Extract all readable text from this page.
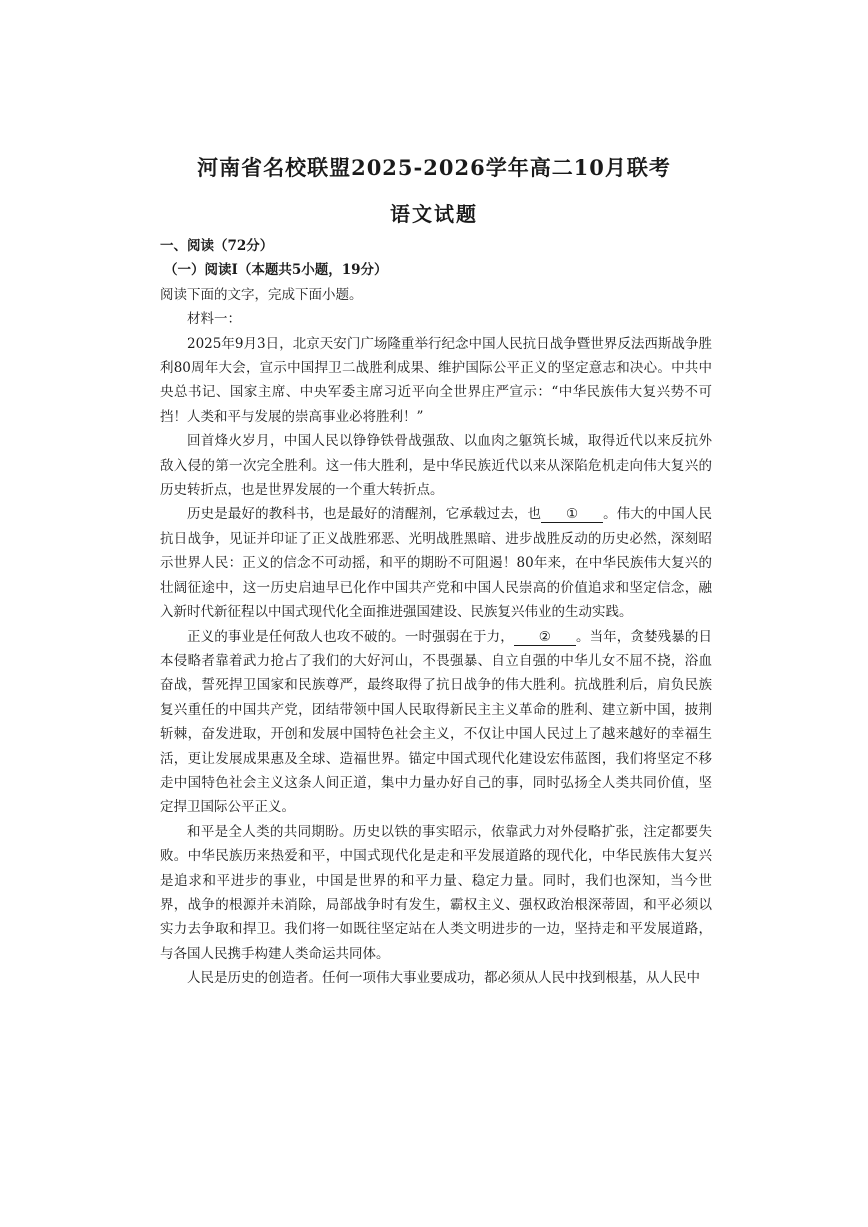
河南省名校联盟2025-2026学年高二10月联考
语文试题
一、阅读（72分）
（一）阅读Ⅰ（本题共5小题，19分）
阅读下面的文字，完成下面小题。
材料一：

2025年9月3日，北京天安门广场隆重举行纪念中国人民抗日战争暨世界反法西斯战争胜利80周年大会，宣示中国捍卫二战胜利成果、维护国际公平正义的坚定意志和决心。中共中央总书记、国家主席、中央军委主席习近平向全世界庄严宣示：“中华民族伟大复兴势不可挡！人类和平与发展的崇高事业必将胜利！”

回首烽火岁月，中国人民以铮铮铁骨战强敌、以血肉之躯筑长城，取得近代以来反抗外敌入侵的第一次完全胜利。这一伟大胜利，是中华民族近代以来从深陷危机走向伟大复兴的历史转折点，也是世界发展的一个重大转折点。

历史是最好的教科书，也是最好的清醒剂，它承载过去，也 ① 。伟大的中国人民抗日战争，见证并印证了正义战胜邪恶、光明战胜黑暗、进步战胜反动的历史必然，深刻昭示世界人民：正义的信念不可动摇，和平的期盼不可阻遏！80年来，在中华民族伟大复兴的壮阔征途中，这一历史启迪早已化作中国共产党和中国人民崇高的价值追求和坚定信念，融入新时代新征程以中国式现代化全面推进强国建设、民族复兴伟业的生动实践。

正义的事业是任何敌人也攻不破的。一时强弱在于力， ② 。当年，贪婪残暴的日本侵略者靠着武力抢占了我们的大好河山，不畏强暴、自立自强的中华儿女不屈不挠，浴血奋战，誓死捍卫国家和民族尊严，最终取得了抗日战争的伟大胜利。抗战胜利后，肩负民族复兴重任的中国共产党，团结带领中国人民取得新民主主义革命的胜利、建立新中国，披荆斩棘，奋发进取，开创和发展中国特色社会主义，不仅让中国人民过上了越来越好的幸福生活，更让发展成果惠及全球、造福世界。锚定中国式现代化建设宏伟蓝图，我们将坚定不移走中国特色社会主义这条人间正道，集中力量办好自己的事，同时弘扬全人类共同价值，坚定捍卫国际公平正义。

和平是全人类的共同期盼。历史以铁的事实昭示，依靠武力对外侵略扩张，注定都要失败。中华民族历来热爱和平，中国式现代化是走和平发展道路的现代化，中华民族伟大复兴是追求和平进步的事业，中国是世界的和平力量、稳定力量。同时，我们也深知，当今世界，战争的根源并未消除，局部战争时有发生，霸权主义、强权政治根深蒂固，和平必须以实力去争取和捍卫。我们将一如既往坚定站在人类文明进步的一边，坚持走和平发展道路，与各国人民携手构建人类命运共同体。

人民是历史的创造者。任何一项伟大事业要成功，都必须从人民中找到根基，从人民中
